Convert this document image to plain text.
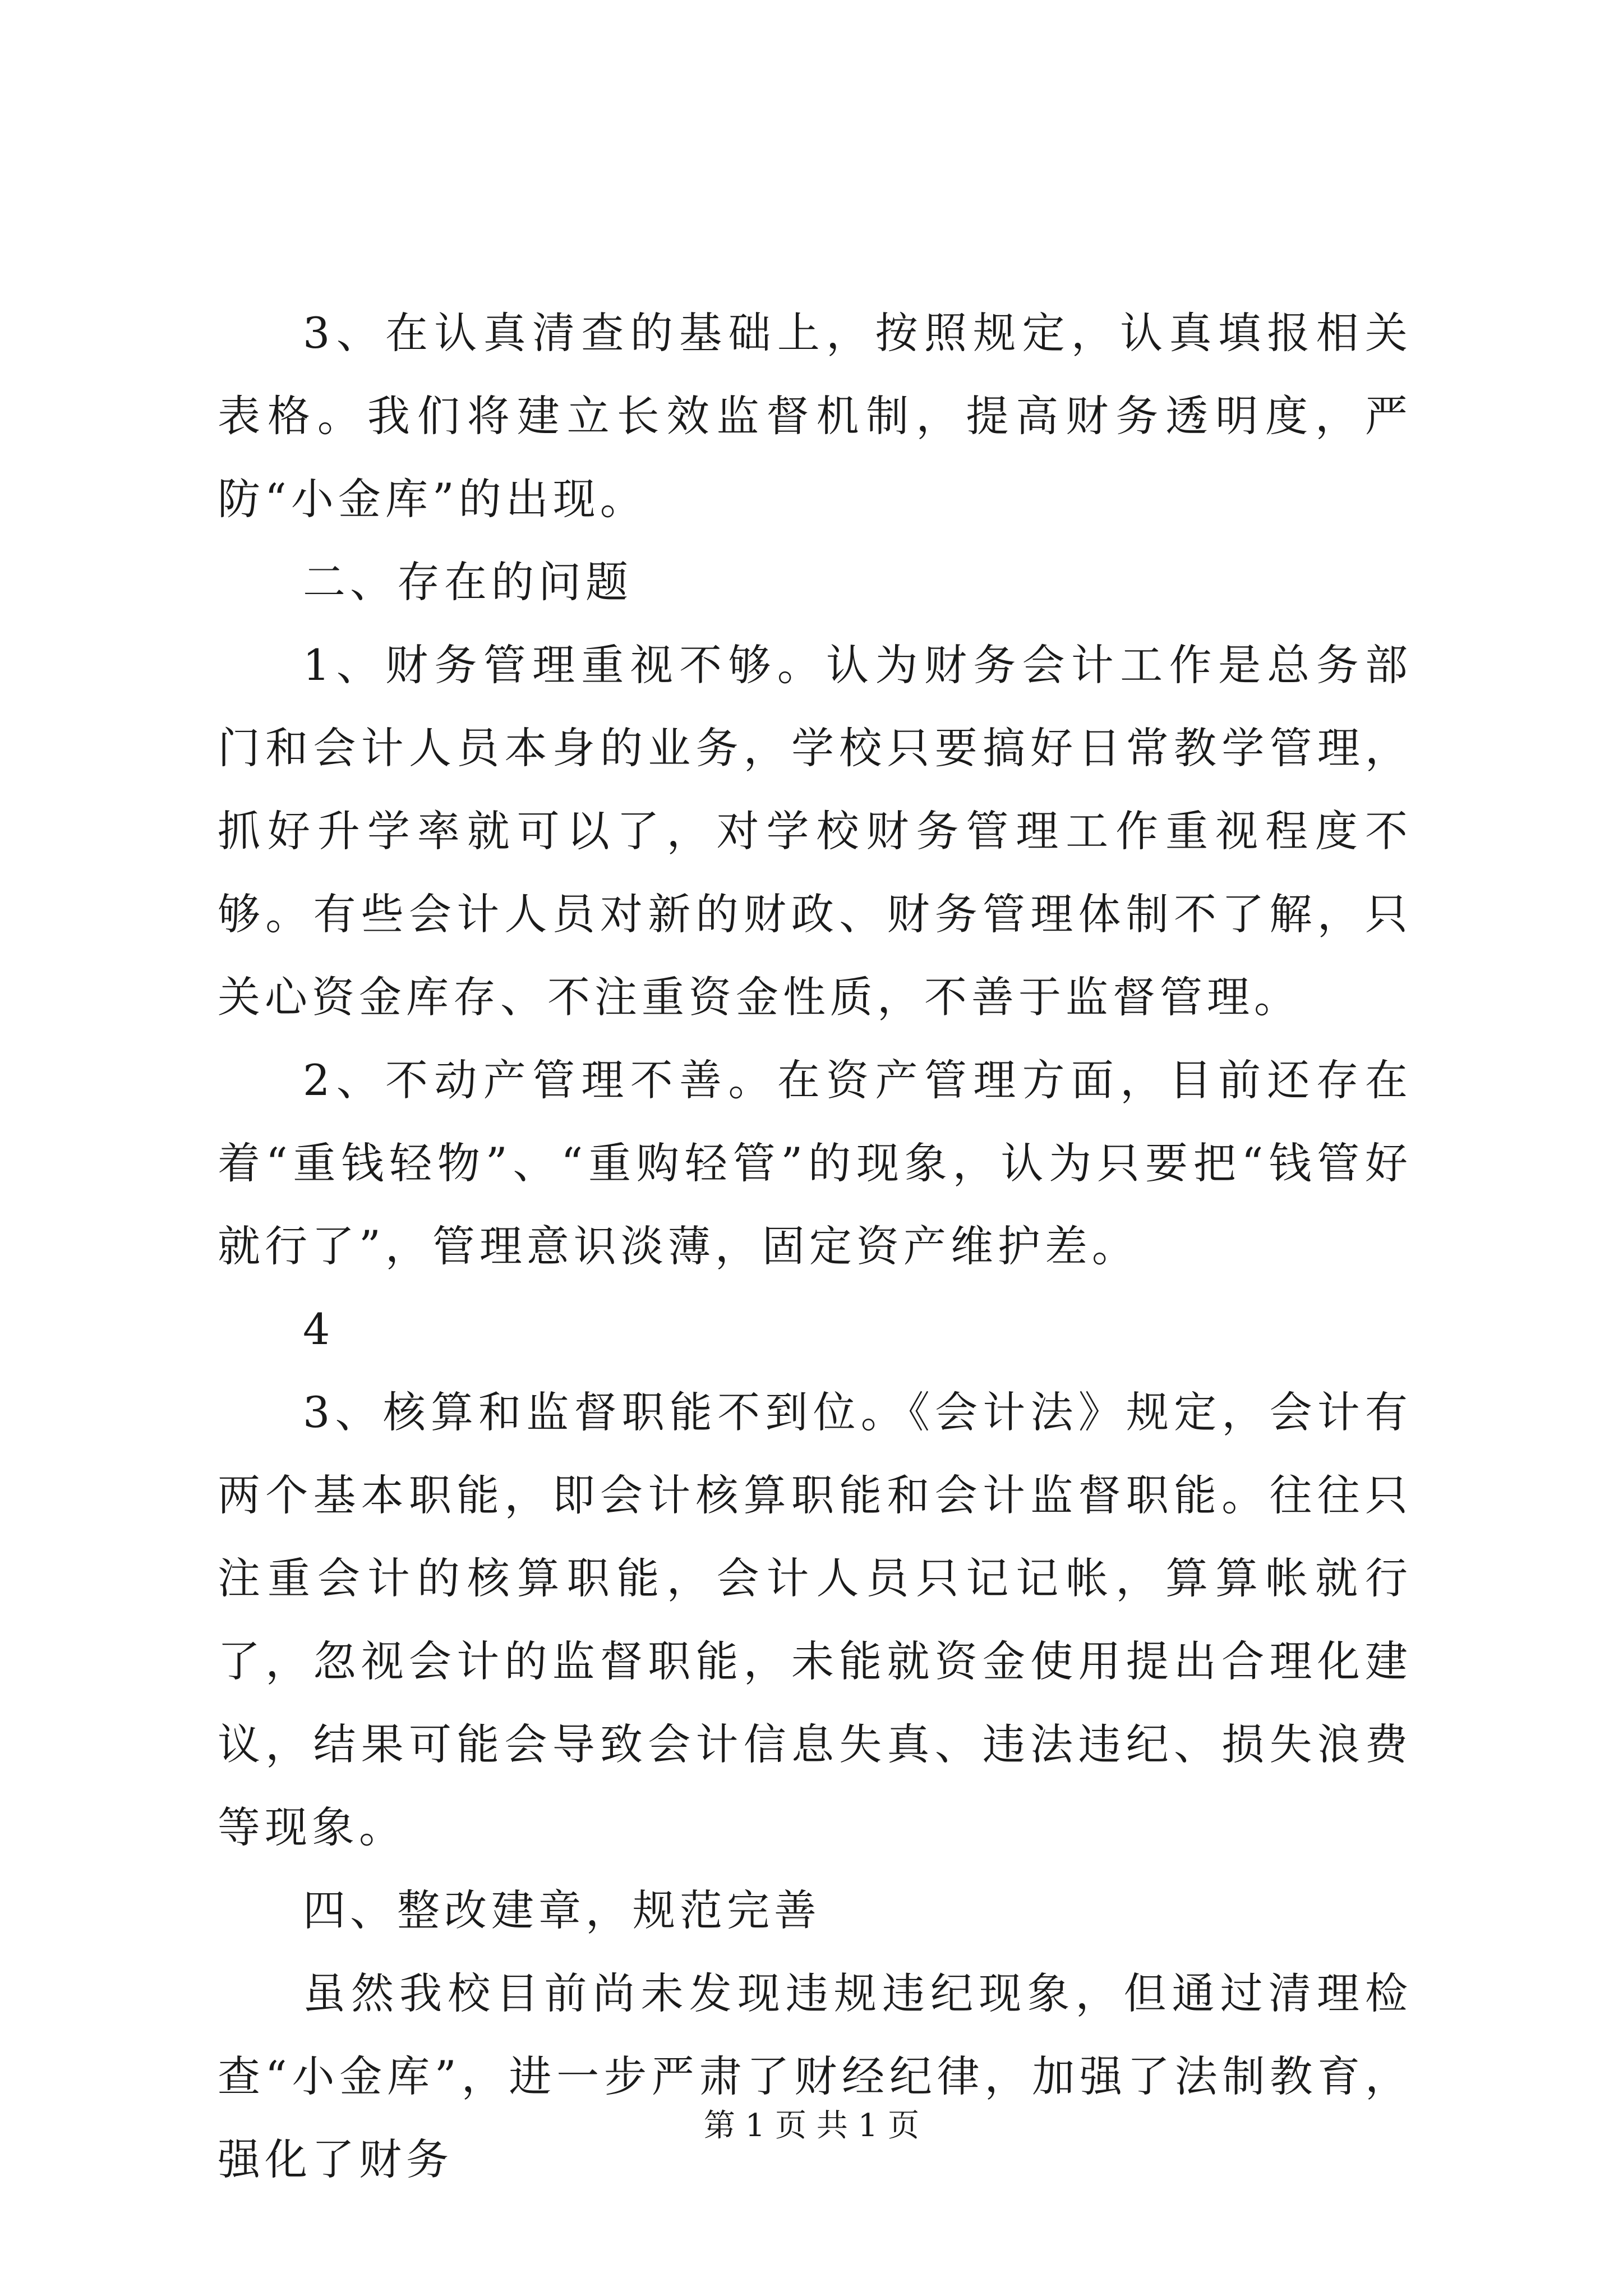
3、在认真清查的基础上，按照规定，认真填报相关表格。我们将建立长效监督机制，提高财务透明度，严防“小金库”的出现。

二、存在的问题

1、财务管理重视不够。认为财务会计工作是总务部门和会计人员本身的业务，学校只要搞好日常教学管理，抓好升学率就可以了，对学校财务管理工作重视程度不够。有些会计人员对新的财政、财务管理体制不了解，只关心资金库存、不注重资金性质，不善于监督管理。

2、不动产管理不善。在资产管理方面，目前还存在着“重钱轻物”、“重购轻管”的现象，认为只要把“钱管好就行了”，管理意识淡薄，固定资产维护差。

4

3、核算和监督职能不到位。《会计法》规定，会计有两个基本职能，即会计核算职能和会计监督职能。往往只注重会计的核算职能，会计人员只记记帐，算算帐就行了，忽视会计的监督职能，未能就资金使用提出合理化建议，结果可能会导致会计信息失真、违法违纪、损失浪费等现象。

四、整改建章，规范完善

虽然我校目前尚未发现违规违纪现象，但通过清理检查“小金库”，进一步严肃了财经纪律，加强了法制教育，强化了财务

第 1 页 共 1 页
